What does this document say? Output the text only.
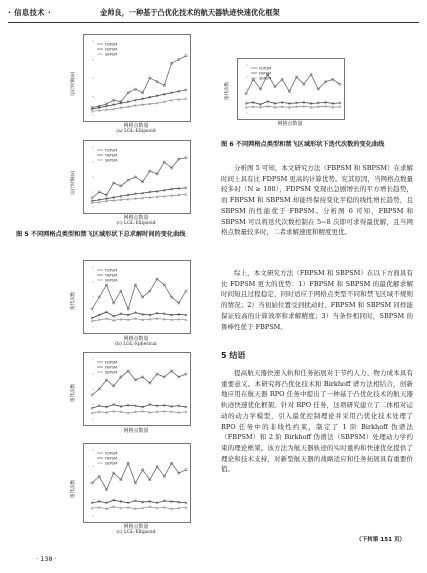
· 信息技术 ·	金帅良，一种基于凸优化技术的航天器轨迹快速优化框架
FDPSM
FBPSM
SBPSM
运行时间(s)
网格点数量
(a) LGL-Ellipsoid
FDPSM
FBPSM
SBPSM
运行时间(s)
网格点数量
(c) LGL-Ellipsoid
图 5 不同网格点类型和禁飞区域形状下总求解时间的变化曲线
FDPSM
FBPSM
SBPSM
迭代次数
网格点数量
(b) LGL-Spherical
FDPSM
FBPSM
SBPSM
迭代次数
网格点数量
FDPSM
FBPSM
SBPSM
迭代次数
网格点数量
(c) LGL-Ellipsoid
FDPSM
FBPSM
SBPSM
迭代次数
网格点数量
图 6 不同网格点类型和禁飞区域形状下迭代次数的变化曲线
分析图 5 可知，本文研究方法（FBPSM 和 SBPSM）在求解时间上具有比 FDPSM 更高的计算优势。究其原因，当网格点数量较多时（N ≥ 100），FDPSM 变现出急剧增长的平方增长趋势，而 FBPSM 和 SBPSM 却能终保持变化平稳的线性增长趋势，且 SBPSM 的性能优于 FBPSM。分析图 6 可知，FBPSM 和 SBPSM 可以将迭代次数控制在 5~8 次即可求得最优解，且当网格点数量较多时，二者求解速度和精度更优。
综上，本文研究方法（FBPSM 和 SBPSM）在以下方面具有比 FDPSM 更大的优势：1）FBPSM 和 SBPSM 的最优解求解时间短且过程稳定，同时适应于网格点类型不同和禁飞区域不规则的情况；2）当初始位置受到扰动时，FBPSM 和 SBPSM 同样能保证较高的计算效率和求解精度；3）当条件相同时，SBPSM 的鲁棒性优于 FBPSM。
5 结语
提高航天器快速入轨和任务拓展对于节约人力、物力成本具有重要意义。本研究将凸优化技术和 Birkhoff 谱方法相结合，创新地应用在航天器 RPO 任务中提出了一种基于凸优化技术的航天器轨迹快速优化框架。针对 RPO 任务，这项研究建立了二体相对运动的动力学模型，引入最优控制理论并采用凸优化技术处理了 RPO 任务中的非线性约束，制定了 1 阶 Birkhoff 伪谱法（FBPSM）和 2 阶 Birkhoff 伪谱法（SBPSM）处理动力学约束的理论框架。该方法为航天器轨迹的实时重构和快速优化提供了理论和技术支持，对新型航天器的战略适应和任务拓展具有重要价值。
（下转第 151 页）
· 138 ·
